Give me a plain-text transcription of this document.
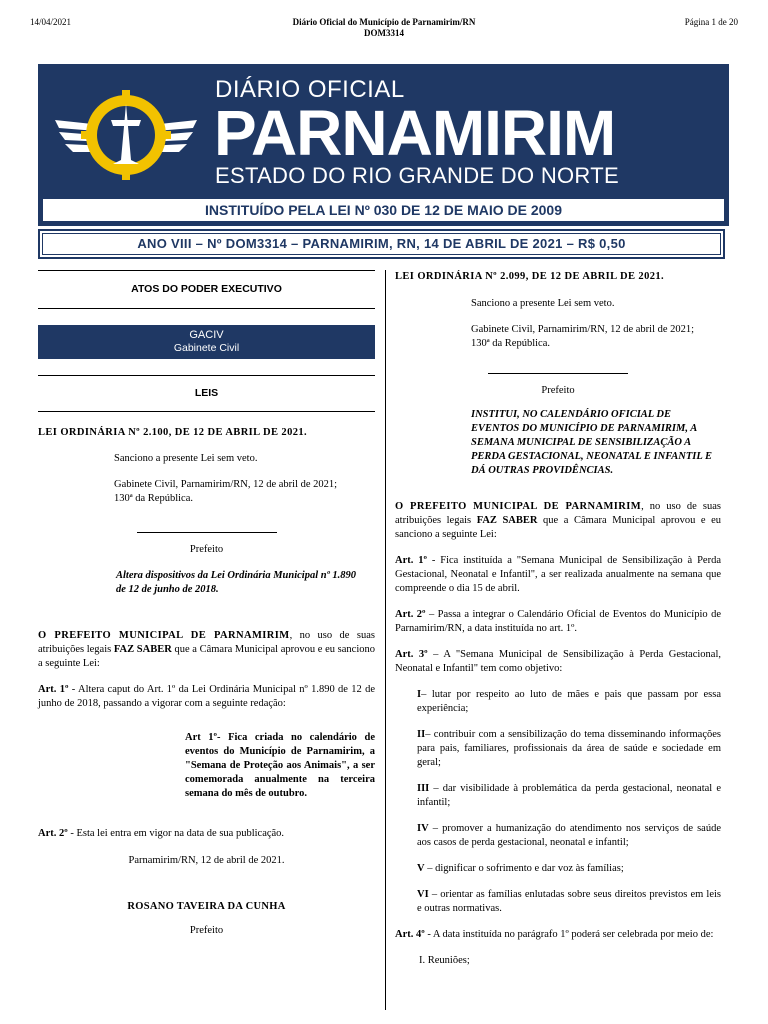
14/04/2021	Diário Oficial do Município de Parnamirim/RN
DOM3314
Página 1 de 20
DIÁRIO OFICIAL
PARNAMIRIM
ESTADO DO RIO GRANDE DO NORTE
INSTITUÍDO PELA LEI Nº 030 DE 12 DE MAIO DE 2009
ANO VIII – Nº DOM3314 – PARNAMIRIM, RN, 14 DE ABRIL DE 2021 – R$ 0,50
ATOS DO PODER EXECUTIVO
GACIV
Gabinete Civil
LEIS

LEI ORDINÁRIA Nº 2.100, DE 12 DE ABRIL DE 2021.

Sanciono a presente Lei sem veto.

Gabinete Civil, Parnamirim/RN, 12 de abril de 2021;

130ª da República.

Prefeito

Altera dispositivos da Lei Ordinária Municipal nº 1.890 de 12 de junho de 2018.

O PREFEITO MUNICIPAL DE PARNAMIRIM, no uso de suas atribuições legais FAZ SABER que a Câmara Municipal aprovou e eu sanciono a seguinte Lei:

Art. 1º - Altera caput do Art. 1º da Lei Ordinária Municipal nº 1.890 de 12 de junho de 2018, passando a vigorar com a seguinte redação:

Art 1º- Fica criada no calendário de eventos do Município de Parnamirim, a "Semana de Proteção aos Animais", a ser comemorada anualmente na terceira semana do mês de outubro.

Art. 2º - Esta lei entra em vigor na data de sua publicação.

Parnamirim/RN, 12 de abril de 2021.

ROSANO TAVEIRA DA CUNHA

Prefeito

LEI ORDINÁRIA Nº 2.099, DE 12 DE ABRIL DE 2021.

Sanciono a presente Lei sem veto.

Gabinete Civil, Parnamirim/RN, 12 de abril de 2021;

130ª da República.

Prefeito

INSTITUI, NO CALENDÁRIO OFICIAL DE EVENTOS DO MUNICÍPIO DE PARNAMIRIM, A SEMANA MUNICIPAL DE SENSIBILIZAÇÃO A PERDA GESTACIONAL, NEONATAL E INFANTIL E DÁ OUTRAS PROVIDÊNCIAS.

O PREFEITO MUNICIPAL DE PARNAMIRIM, no uso de suas atribuições legais FAZ SABER que a Câmara Municipal aprovou e eu sanciono a seguinte Lei:

Art. 1º - Fica instituída a "Semana Municipal de Sensibilização à Perda Gestacional, Neonatal e Infantil", a ser realizada anualmente na semana que compreende o dia 15 de abril.

Art. 2º – Passa a integrar o Calendário Oficial de Eventos do Município de Parnamirim/RN, a data instituída no art. 1º.

Art. 3º – A "Semana Municipal de Sensibilização à Perda Gestacional, Neonatal e Infantil" tem como objetivo:

I– lutar por respeito ao luto de mães e pais que passam por essa experiência;

II– contribuir com a sensibilização do tema disseminando informações para pais, familiares, profissionais da área de saúde e sociedade em geral;

III – dar visibilidade à problemática da perda gestacional, neonatal e infantil;

IV – promover a humanização do atendimento nos serviços de saúde aos casos de perda gestacional, neonatal e infantil;

V – dignificar o sofrimento e dar voz às famílias;

VI – orientar as famílias enlutadas sobre seus direitos previstos em leis e outras normativas.

Art. 4º - A data instituída no parágrafo 1º poderá ser celebrada por meio de:

I. Reuniões;
